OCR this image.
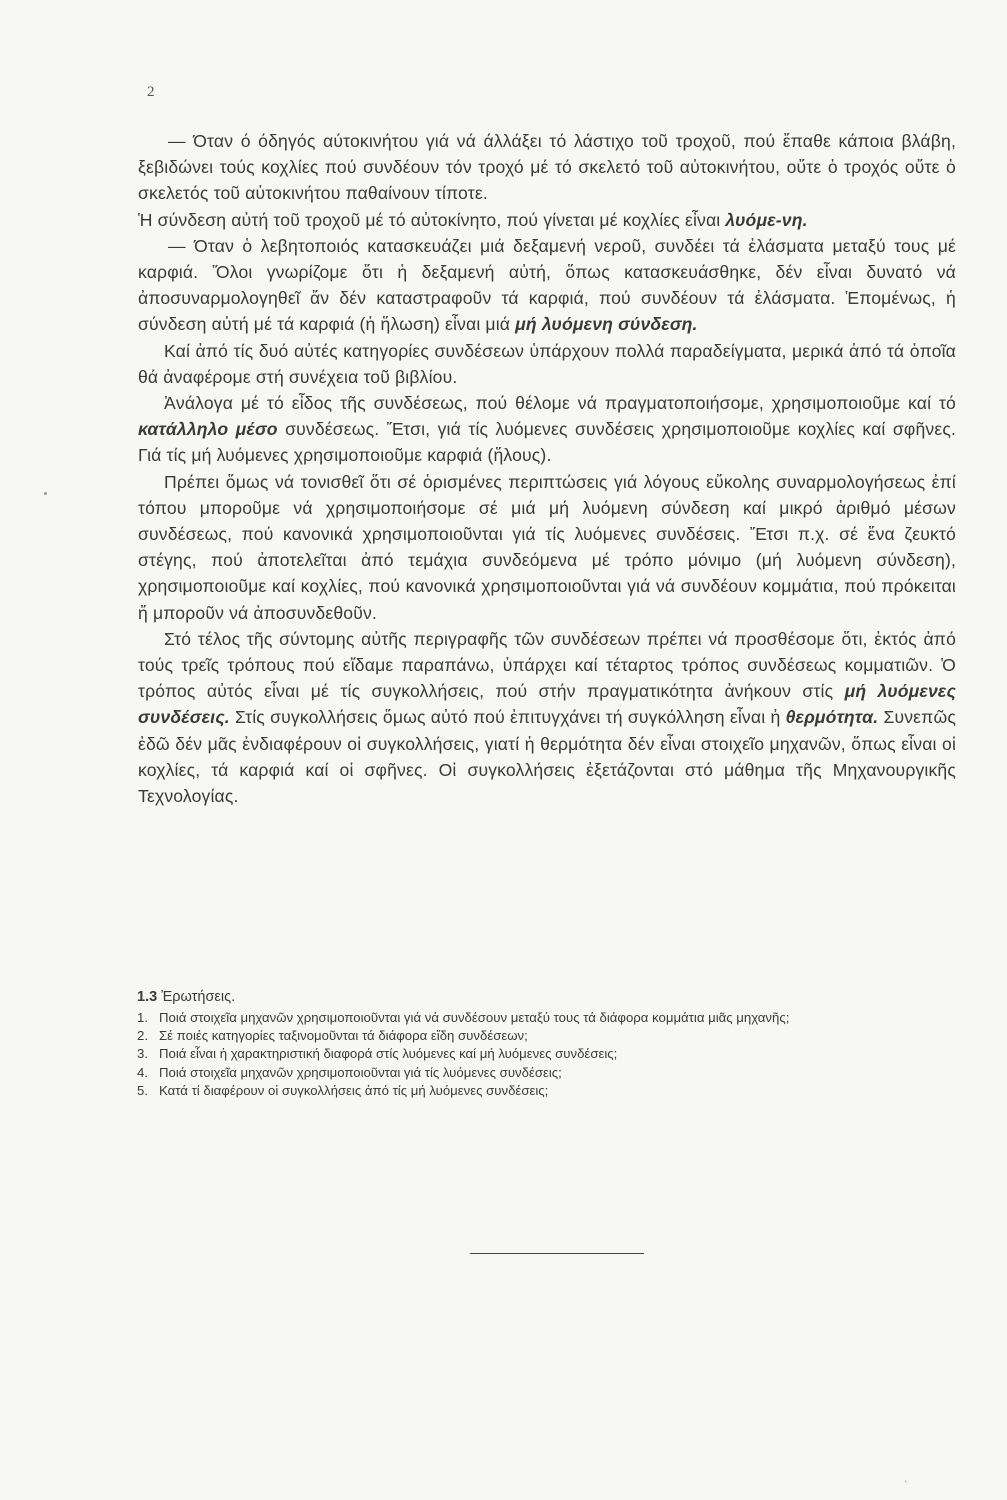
2

— Όταν ό όδηγός αύτοκινήτου γιά νά άλλάξει τό λάστιχο τοῦ τροχοῦ, πού ἔπαθε κάποια βλάβη, ξεβιδώνει τούς κοχλίες πού συνδέουν τόν τροχό μέ τό σκελετό τοῦ αὐτοκινήτου, οὔτε ὁ τροχός οὔτε ὁ σκελετός τοῦ αὐτοκινήτου παθαίνουν τίποτε.

Ἡ σύνδεση αὐτή τοῦ τροχοῦ μέ τό αὐτοκίνητο, πού γίνεται μέ κοχλίες εἶναι λυόμε-νη.

— Όταν ὁ λεβητοποιός κατασκευάζει μιά δεξαμενή νεροῦ, συνδέει τά ἐλάσματα μεταξύ τους μέ καρφιά. Ὅλοι γνωρίζομε ὅτι ἡ δεξαμενή αὐτή, ὅπως κατασκευάσθηκε, δέν εἶναι δυνατό νά ἀποσυναρμολογηθεῖ ἄν δέν καταστραφοῦν τά καρφιά, πού συνδέουν τά ἐλάσματα. Ἑπομένως, ἡ σύνδεση αὐτή μέ τά καρφιά (ἡ ἥλωση) εἶναι μιά μή λυόμενη σύνδεση.

Καί ἀπό τίς δυό αὐτές κατηγορίες συνδέσεων ὑπάρχουν πολλά παραδείγματα, μερικά ἀπό τά ὁποῖα θά ἀναφέρομε στή συνέχεια τοῦ βιβλίου.

Ἀνάλογα μέ τό εἶδος τῆς συνδέσεως, πού θέλομε νά πραγματοποιήσομε, χρησιμοποιοῦμε καί τό κατάλληλο μέσο συνδέσεως. Ἔτσι, γιά τίς λυόμενες συνδέσεις χρησιμοποιοῦμε κοχλίες καί σφῆνες. Γιά τίς μή λυόμενες χρησιμοποιοῦμε καρφιά (ἥλους).

Πρέπει ὅμως νά τονισθεῖ ὅτι σέ ὁρισμένες περιπτώσεις γιά λόγους εὔκολης συναρμολογήσεως ἐπί τόπου μποροῦμε νά χρησιμοποιήσομε σέ μιά μή λυόμενη σύνδεση καί μικρό ἀριθμό μέσων συνδέσεως, πού κανονικά χρησιμοποιοῦνται γιά τίς λυόμενες συνδέσεις. Ἔτσι π.χ. σέ ἕνα ζευκτό στέγης, πού ἀποτελεῖται ἀπό τεμάχια συνδεόμενα μέ τρόπο μόνιμο (μή λυόμενη σύνδεση), χρησιμοποιοῦμε καί κοχλίες, πού κανονικά χρησιμοποιοῦνται γιά νά συνδέουν κομμάτια, πού πρόκειται ἤ μποροῦν νά ἀποσυνδεθοῦν.

Στό τέλος τῆς σύντομης αὐτῆς περιγραφῆς τῶν συνδέσεων πρέπει νά προσθέσομε ὅτι, ἐκτός ἀπό τούς τρεῖς τρόπους πού εἴδαμε παραπάνω, ὑπάρχει καί τέταρτος τρόπος συνδέσεως κομματιῶν. Ὁ τρόπος αὐτός εἶναι μέ τίς συγκολλήσεις, πού στήν πραγματικότητα ἀνήκουν στίς μή λυόμενες συνδέσεις. Στίς συγκολλήσεις ὅμως αὐτό πού ἐπιτυγχάνει τή συγκόλληση εἶναι ἡ θερμότητα. Συνεπῶς ἐδῶ δέν μᾶς ἐνδιαφέρουν οἱ συγκολλήσεις, γιατί ἡ θερμότητα δέν εἶναι στοιχεῖο μηχανῶν, ὅπως εἶναι οἱ κοχλίες, τά καρφιά καί οἱ σφῆνες. Οἱ συγκολλήσεις ἐξετάζονται στό μάθημα τῆς Μηχανουργικῆς Τεχνολογίας.

1.3 Ἐρωτήσεις.
1. Ποιά στοιχεῖα μηχανῶν χρησιμοποιοῦνται γιά νά συνδέσουν μεταξύ τους τά διάφορα κομμάτια μιᾶς μηχανῆς;
2. Σέ ποιές κατηγορίες ταξινομοῦνται τά διάφορα εἴδη συνδέσεων;
3. Ποιά εἶναι ἡ χαρακτηριστική διαφορά στίς λυόμενες καί μή λυόμενες συνδέσεις;
4. Ποιά στοιχεῖα μηχανῶν χρησιμοποιοῦνται γιά τίς λυόμενες συνδέσεις;
5. Κατά τί διαφέρουν οἱ συγκολλήσεις ἀπό τίς μή λυόμενες συνδέσεις;
,
